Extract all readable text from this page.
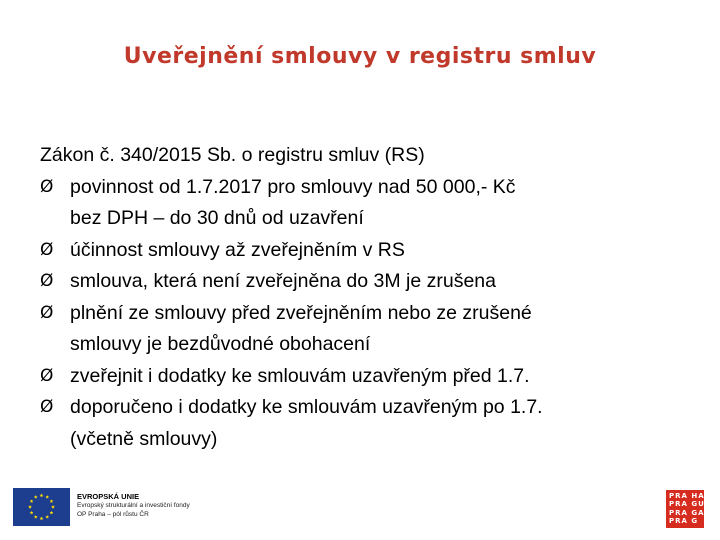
Uveřejnění smlouvy v registru smluv

Zákon č. 340/2015 Sb. o registru smluv (RS)

Ø povinnost od 1.7.2017 pro smlouvy nad 50 000,- Kč
bez DPH – do 30 dnů od uzavření
Ø účinnost smlouvy až zveřejněním v RS
Ø smlouva, která není zveřejněna do 3M je zrušena
Ø plnění ze smlouvy před zveřejněním nebo ze zrušené
smlouvy je bezdůvodné obohacení
Ø zveřejnit i dodatky ke smlouvám uzavřeným před 1.7.
Ø doporučeno i dodatky ke smlouvám uzavřeným po 1.7.
(včetně smlouvy)
EVROPSKÁ UNIE
Evropský strukturální a investiční fondy
OP Praha – pól růstu ČR
PRA HA
PRA GUE
PRA GA
PRA G
